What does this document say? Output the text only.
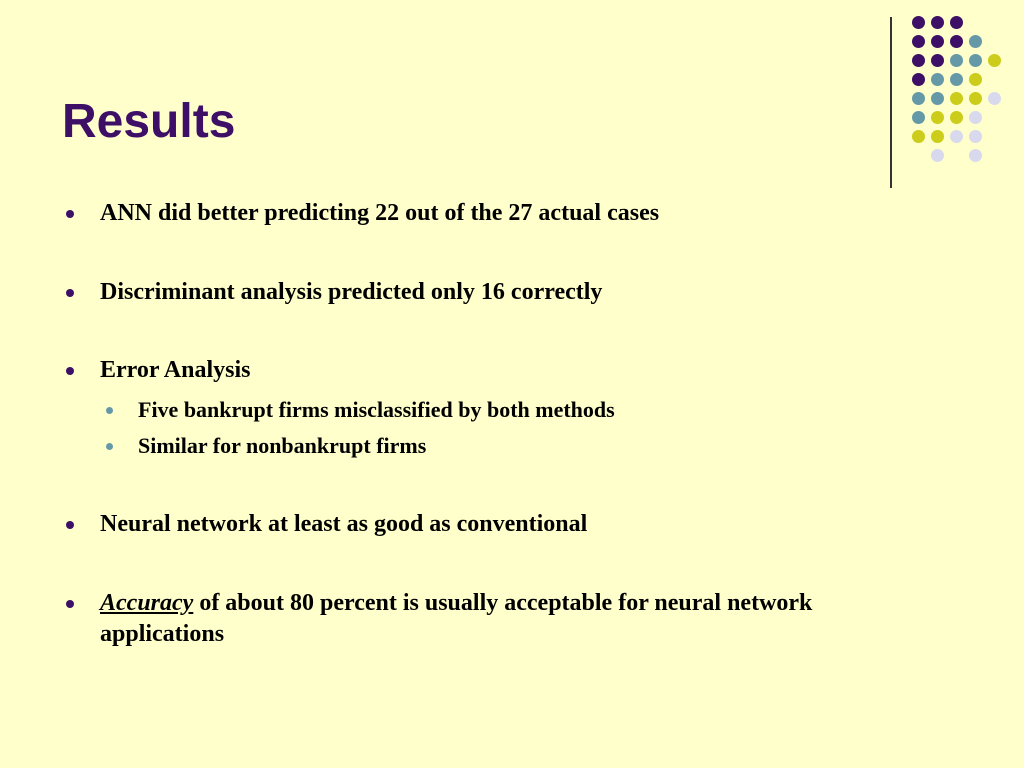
Results
ANN did better predicting 22 out of the 27 actual cases
Discriminant analysis predicted only 16 correctly
Error Analysis
Five bankrupt firms misclassified by both methods
Similar for nonbankrupt firms
Neural network at least as good as conventional
Accuracy of about 80 percent is usually acceptable for neural network applications
